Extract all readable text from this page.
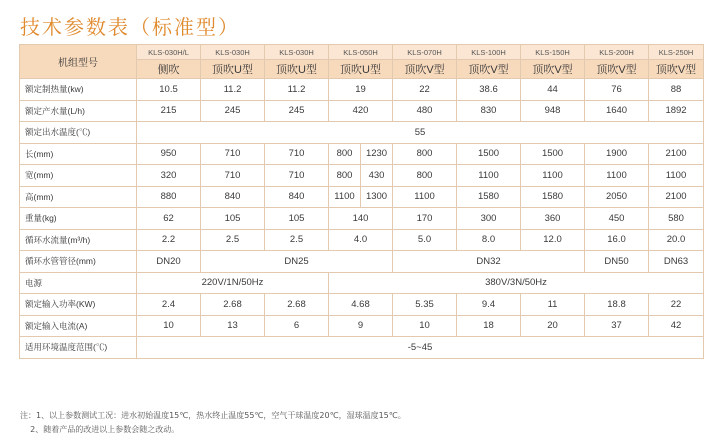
技术参数表（标准型）
机组型号	KLS-030H/L	KLS-030H	KLS-030H	KLS-050H		KLS-070H	KLS-100H	KLS-150H	KLS-200H	KLS-250H
	侧吹	顶吹U型	顶吹U型	顶吹U型		顶吹V型	顶吹V型	顶吹V型	顶吹V型	顶吹V型
额定制热量(kw)	10.5	11.2	11.2	19		22	38.6	44	76	88
额定产水量(L/h)	215	245	245	420		480	830	948	1640	1892
额定出水温度(℃)	55									
长(mm)	950	710	710	800	1230	800	1500	1500	1900	2100
宽(mm)	320	710	710	800	430	800	1100	1100	1100	1100
高(mm)	880	840	840	1100	1300	1100	1580	1580	2050	2100
重量(kg)	62	105	105	140		170	300	360	450	580
循环水流量(m³/h)	2.2	2.5	2.5	4.0		5.0	8.0	12.0	16.0	20.0
循环水管管径(mm)	DN20	DN25				DN32			DN50	DN63
电源	220V/1N/50Hz			380V/3N/50Hz						
额定输入功率(KW)	2.4	2.68	2.68	4.68		5.35	9.4	11	18.8	22
额定输入电流(A)	10	13	6	9		10	18	20	37	42
适用环境温度范围(℃)	-5~45									
注：1、以上参数测试工况：进水初始温度15℃，热水终止温度55℃，空气干球温度20℃，湿球温度15℃。
2、随着产品的改进以上参数会随之改动。
